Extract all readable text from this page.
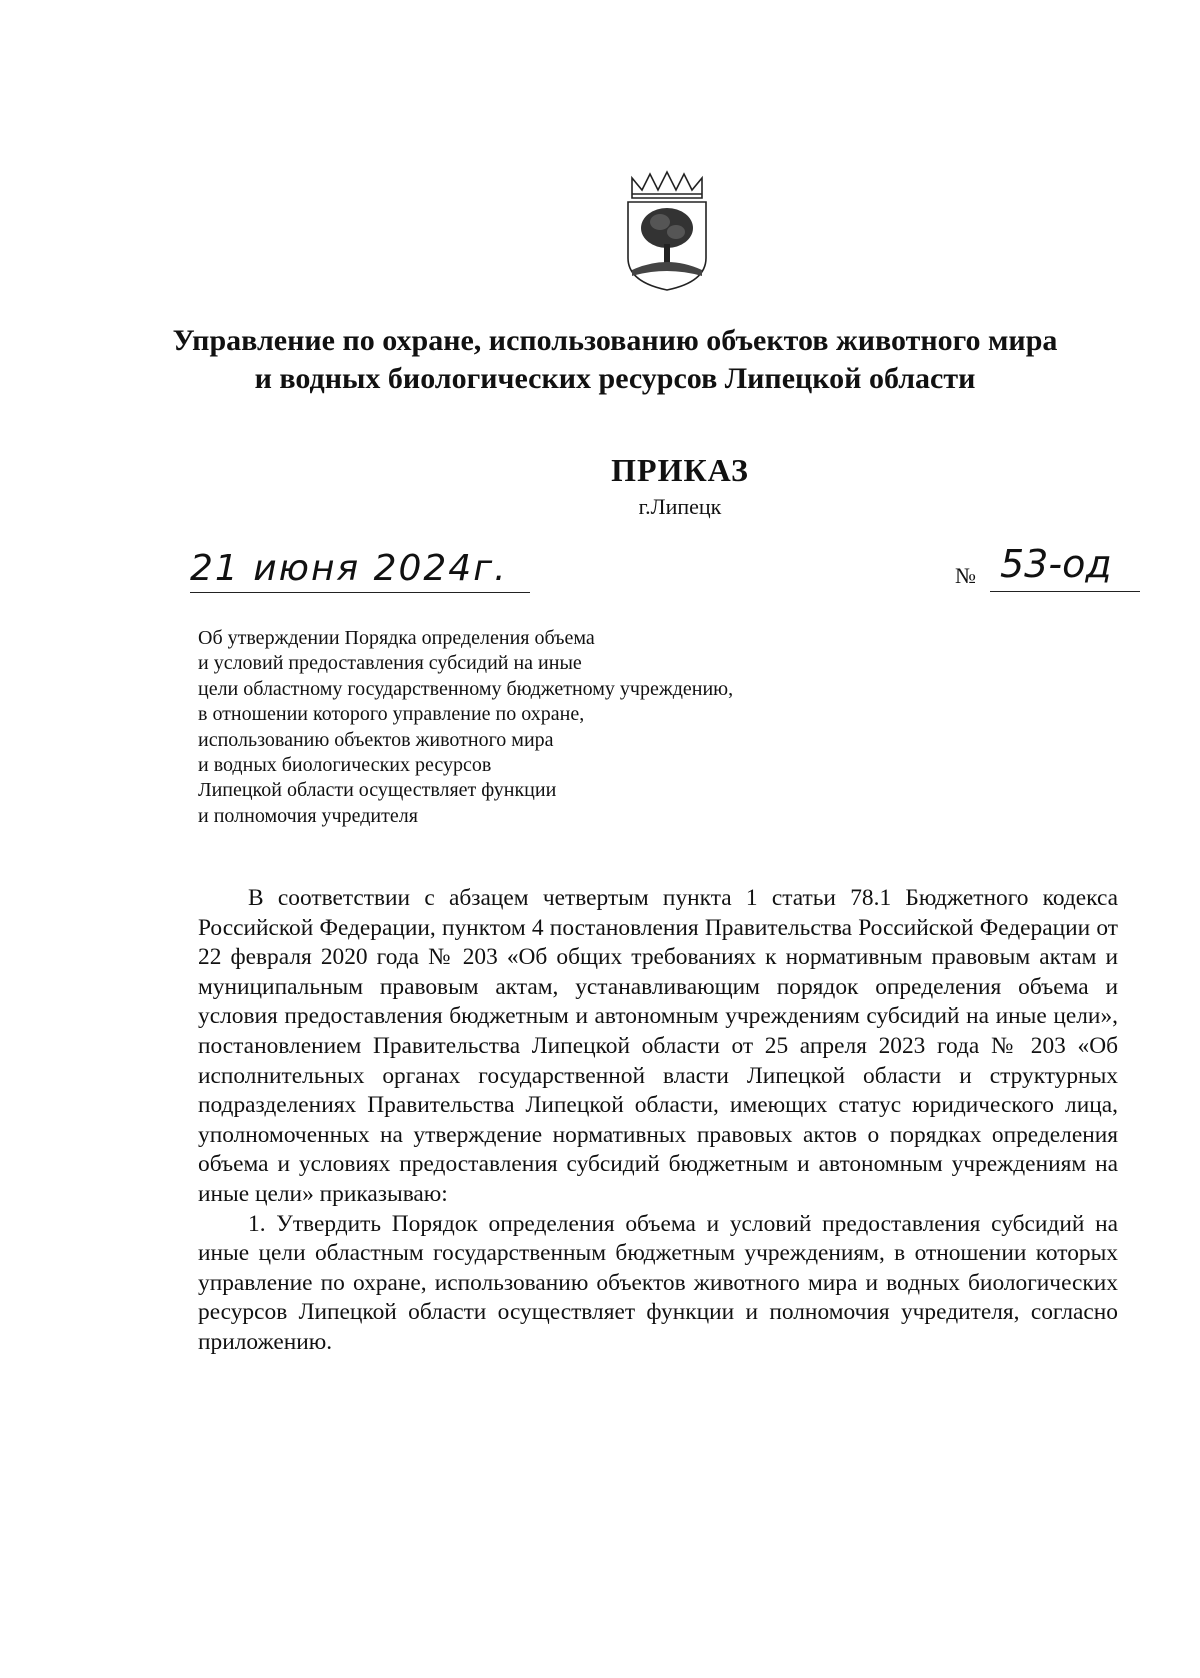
Управление по охране, использованию объектов животного мира
и водных биологических ресурсов Липецкой области
ПРИКАЗ
г.Липецк
21 июня 2024г.	№ 53-од
Об утверждении Порядка определения объема
и условий предоставления субсидий на иные
цели областному государственному бюджетному учреждению,
в отношении которого управление по охране,
использованию объектов животного мира
и водных биологических ресурсов
Липецкой области осуществляет функции
и полномочия учредителя

В соответствии с абзацем четвертым пункта 1 статьи 78.1 Бюджетного кодекса Российской Федерации, пунктом 4 постановления Правительства Российской Федерации от 22 февраля 2020 года № 203 «Об общих требованиях к нормативным правовым актам и муниципальным правовым актам, устанавливающим порядок определения объема и условия предоставления бюджетным и автономным учреждениям субсидий на иные цели», постановлением Правительства Липецкой области от 25 апреля 2023 года № 203 «Об исполнительных органах государственной власти Липецкой области и структурных подразделениях Правительства Липецкой области, имеющих статус юридического лица, уполномоченных на утверждение нормативных правовых актов о порядках определения объема и условиях предоставления субсидий бюджетным и автономным учреждениям на иные цели» приказываю:

1. Утвердить Порядок определения объема и условий предоставления субсидий на иные цели областным государственным бюджетным учреждениям, в отношении которых управление по охране, использованию объектов животного мира и водных биологических ресурсов Липецкой области осуществляет функции и полномочия учредителя, согласно приложению.
